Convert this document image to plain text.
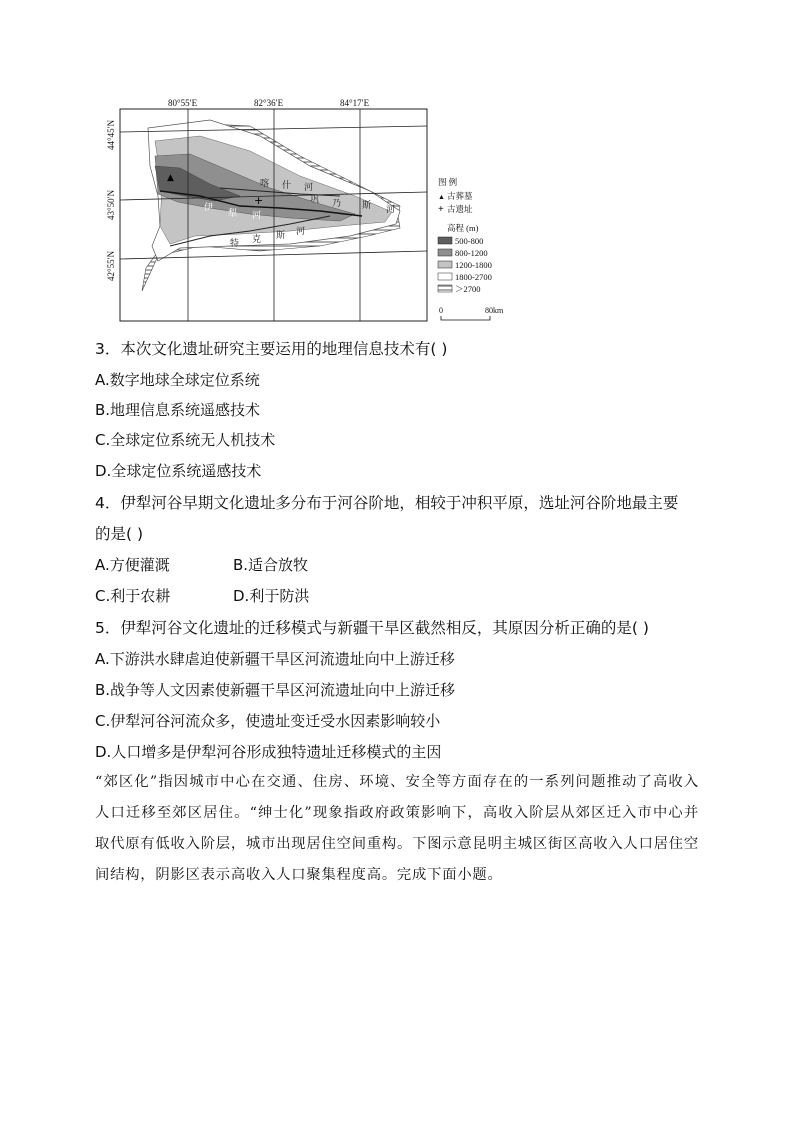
▲
+
伊
犁 河
巩 乃 斯 河
特 克 斯 河
喀 什 河
80°55′E	82°36′E	84°17′E
44°45′N
43°50′N
42°55′N
图 例
▲ 古葬墓
+ 古遗址
高程 (m)
500-800
800-1200
1200-1800
1800-2700
＞2700
0	80km
3．本次文化遗址研究主要运用的地理信息技术有( )
A.数字地球全球定位系统
B.地理信息系统遥感技术
C.全球定位系统无人机技术
D.全球定位系统遥感技术
4．伊犁河谷早期文化遗址多分布于河谷阶地，相较于冲积平原，选址河谷阶地最主要
的是( )
A.方便灌溉	B.适合放牧
C.利于农耕	D.利于防洪
5．伊犁河谷文化遗址的迁移模式与新疆干旱区截然相反，其原因分析正确的是( )
A.下游洪水肆虐迫使新疆干旱区河流遗址向中上游迁移
B.战争等人文因素使新疆干旱区河流遗址向中上游迁移
C.伊犁河谷河流众多，使遗址变迁受水因素影响较小
D.人口增多是伊犁河谷形成独特遗址迁移模式的主因
“郊区化”指因城市中心在交通、住房、环境、安全等方面存在的一系列问题推动了高收入人口迁移至郊区居住。“绅士化”现象指政府政策影响下，高收入阶层从郊区迁入市中心并取代原有低收入阶层，城市出现居住空间重构。下图示意昆明主城区街区高收入人口居住空间结构，阴影区表示高收入人口聚集程度高。完成下面小题。
